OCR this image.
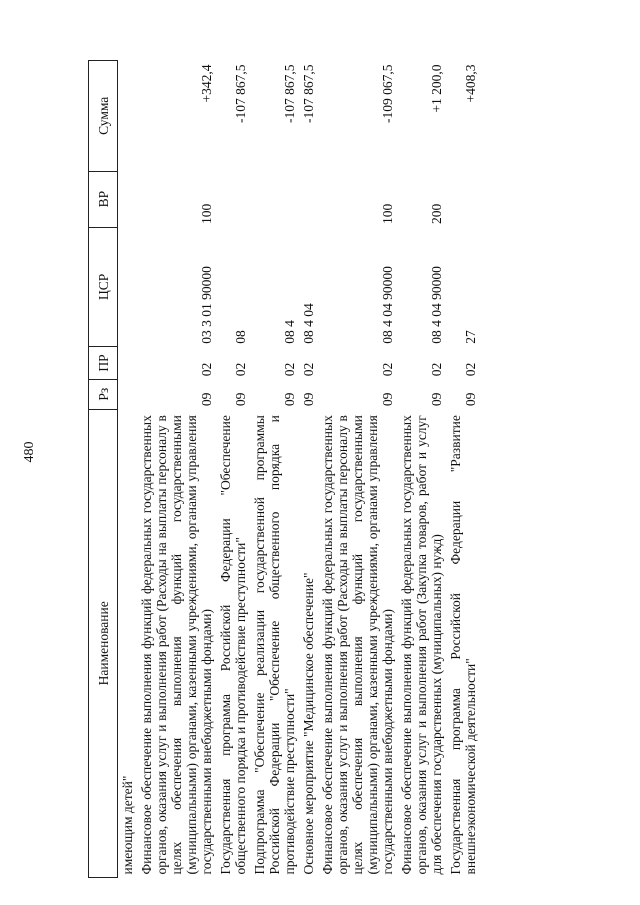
480
Наименование	Рз	ПР	ЦСР	ВР	Сумма
имеющим детей"					
Финансовое обеспечение выполнения функций федеральных государственных органов, оказания услуг и выполнения работ (Расходы на выплаты персоналу в целях обеспечения выполнения функций государственными (муниципальными) органами, казенными учреждениями, органами управления государственными внебюджетными фондами)	09	02	03 3 01 90000	100	+342,4
Государственная программа Российской Федерации "Обеспечение общественного порядка и противодействие преступности"	09	02	08		-107 867,5
Подпрограмма "Обеспечение реализации государственной программы Российской Федерации "Обеспечение общественного порядка и противодействие преступности"	09	02	08 4		-107 867,5
Основное мероприятие "Медицинское обеспечение"	09	02	08 4 04		-107 867,5
Финансовое обеспечение выполнения функций федеральных государственных органов, оказания услуг и выполнения работ (Расходы на выплаты персоналу в целях обеспечения выполнения функций государственными (муниципальными) органами, казенными учреждениями, органами управления государственными внебюджетными фондами)	09	02	08 4 04 90000	100	-109 067,5
Финансовое обеспечение выполнения функций федеральных государственных органов, оказания услуг и выполнения работ (Закупка товаров, работ и услуг для обеспечения государственных (муниципальных) нужд)	09	02	08 4 04 90000	200	+1 200,0
Государственная программа Российской Федерации "Развитие внешнеэкономической деятельности"	09	02	27		+408,3
